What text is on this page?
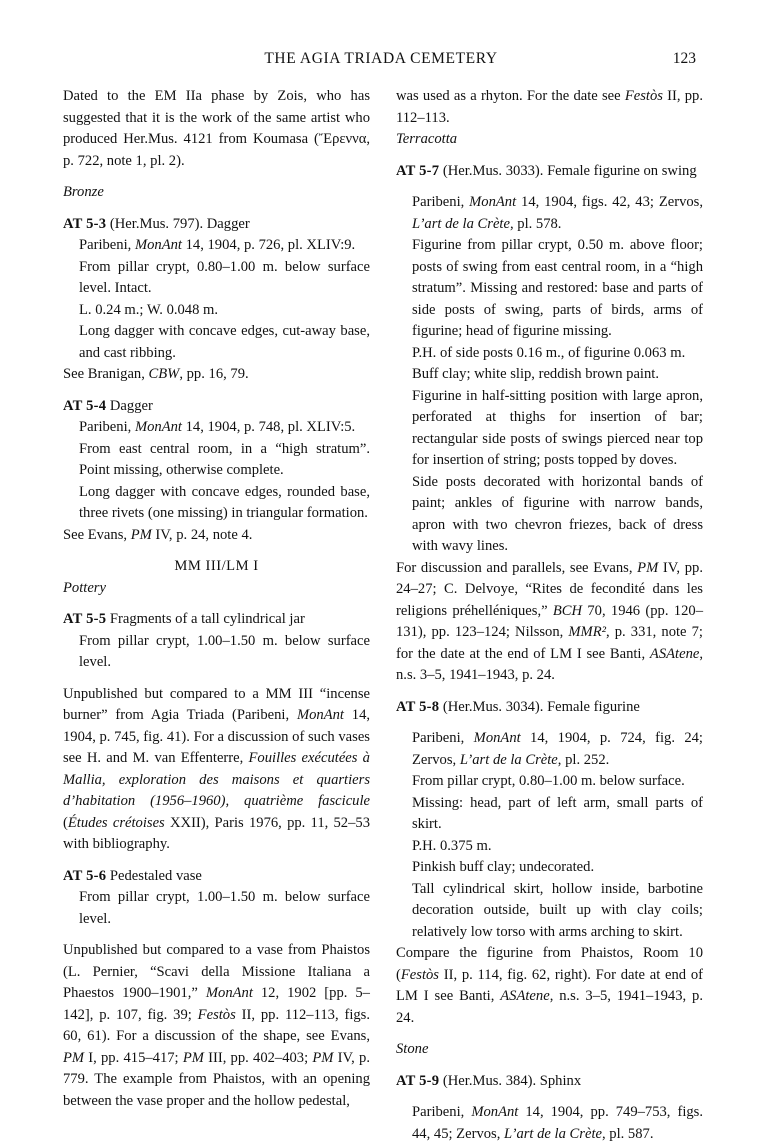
THE AGIA TRIADA CEMETERY	123

Dated to the EM IIa phase by Zois, who has suggested that it is the work of the same artist who produced Her.Mus. 4121 from Koumasa (Ἔρεννα, p. 722, note 1, pl. 2).

Bronze

AT 5-3 (Her.Mus. 797). Dagger

Paribeni, MonAnt 14, 1904, p. 726, pl. XLIV:9.

From pillar crypt, 0.80–1.00 m. below surface level. Intact.

L. 0.24 m.; W. 0.048 m.

Long dagger with concave edges, cut-away base, and cast ribbing.

See Branigan, CBW, pp. 16, 79.

AT 5-4 Dagger

Paribeni, MonAnt 14, 1904, p. 748, pl. XLIV:5.

From east central room, in a “high stratum”. Point missing, otherwise complete.

Long dagger with concave edges, rounded base, three rivets (one missing) in triangular formation.

See Evans, PM IV, p. 24, note 4.

MM III/LM I

Pottery

AT 5-5 Fragments of a tall cylindrical jar

From pillar crypt, 1.00–1.50 m. below surface level.

Unpublished but compared to a MM III “incense burner” from Agia Triada (Paribeni, MonAnt 14, 1904, p. 745, fig. 41). For a discussion of such vases see H. and M. van Effenterre, Fouilles exécutées à Mallia, exploration des maisons et quartiers d’habitation (1956–1960), quatrième fascicule (Études crétoises XXII), Paris 1976, pp. 11, 52–53 with bibliography.

AT 5-6 Pedestaled vase

From pillar crypt, 1.00–1.50 m. below surface level.

Unpublished but compared to a vase from Phaistos (L. Pernier, “Scavi della Missione Italiana a Phaestos 1900–1901,” MonAnt 12, 1902 [pp. 5–142], p. 107, fig. 39; Festòs II, pp. 112–113, figs. 60, 61). For a discussion of the shape, see Evans, PM I, pp. 415–417; PM III, pp. 402–403; PM IV, p. 779. The example from Phaistos, with an opening between the vase proper and the hollow pedestal,

was used as a rhyton. For the date see Festòs II, pp. 112–113.

Terracotta

AT 5-7 (Her.Mus. 3033). Female figurine on swing

Paribeni, MonAnt 14, 1904, figs. 42, 43; Zervos, L’art de la Crète, pl. 578.

Figurine from pillar crypt, 0.50 m. above floor; posts of swing from east central room, in a “high stratum”. Missing and restored: base and parts of side posts of swing, parts of birds, arms of figurine; head of figurine missing.

P.H. of side posts 0.16 m., of figurine 0.063 m.

Buff clay; white slip, reddish brown paint.

Figurine in half-sitting position with large apron, perforated at thighs for insertion of bar; rectangular side posts of swings pierced near top for insertion of string; posts topped by doves.

Side posts decorated with horizontal bands of paint; ankles of figurine with narrow bands, apron with two chevron friezes, back of dress with wavy lines.

For discussion and parallels, see Evans, PM IV, pp. 24–27; C. Delvoye, “Rites de fecondité dans les religions préhelléniques,” BCH 70, 1946 (pp. 120–131), pp. 123–124; Nilsson, MMR², p. 331, note 7; for the date at the end of LM I see Banti, ASAtene, n.s. 3–5, 1941–1943, p. 24.

AT 5-8 (Her.Mus. 3034). Female figurine

Paribeni, MonAnt 14, 1904, p. 724, fig. 24; Zervos, L’art de la Crète, pl. 252.

From pillar crypt, 0.80–1.00 m. below surface.

Missing: head, part of left arm, small parts of skirt.

P.H. 0.375 m.

Pinkish buff clay; undecorated.

Tall cylindrical skirt, hollow inside, barbotine decoration outside, built up with clay coils; relatively low torso with arms arching to skirt.

Compare the figurine from Phaistos, Room 10 (Festòs II, p. 114, fig. 62, right). For date at end of LM I see Banti, ASAtene, n.s. 3–5, 1941–1943, p. 24.

Stone

AT 5-9 (Her.Mus. 384). Sphinx

Paribeni, MonAnt 14, 1904, pp. 749–753, figs. 44, 45; Zervos, L’art de la Crète, pl. 587.
